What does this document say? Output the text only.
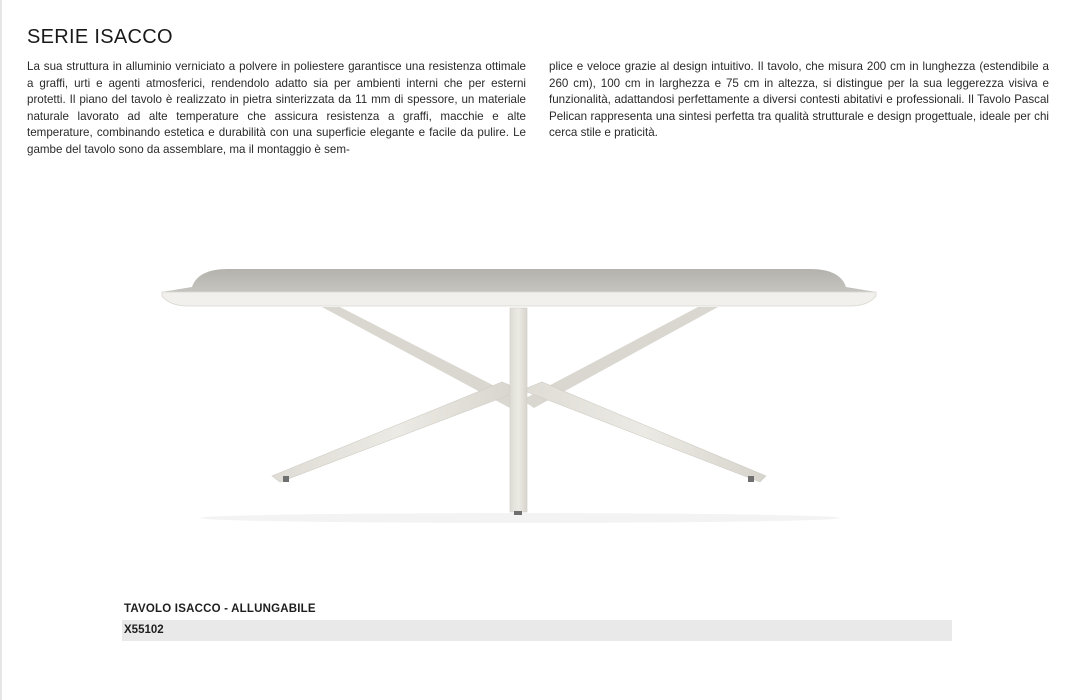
SERIE ISACCO

La sua struttura in alluminio verniciato a polvere in poliestere garantisce una resistenza ottimale a graffi, urti e agenti atmosferici, rendendolo adatto sia per ambienti interni che per esterni protetti. Il piano del tavolo è realizzato in pietra sinterizzata da 11 mm di spessore, un materiale naturale lavorato ad alte temperature che assicura resistenza a graffi, macchie e alte temperature, combinando estetica e durabilità con una superficie elegante e facile da pulire. Le gambe del tavolo sono da assemblare, ma il montaggio è sem-

plice e veloce grazie al design intuitivo. Il tavolo, che misura 200 cm in lunghezza (estendibile a 260 cm), 100 cm in larghezza e 75 cm in altezza, si distingue per la sua leggerezza visiva e funzionalità, adattandosi perfettamente a diversi contesti abitativi e professionali. Il Tavolo Pascal Pelican rappresenta una sintesi perfetta tra qualità strutturale e design progettuale, ideale per chi cerca stile e praticità.

TAVOLO ISACCO - ALLUNGABILE
X55102
